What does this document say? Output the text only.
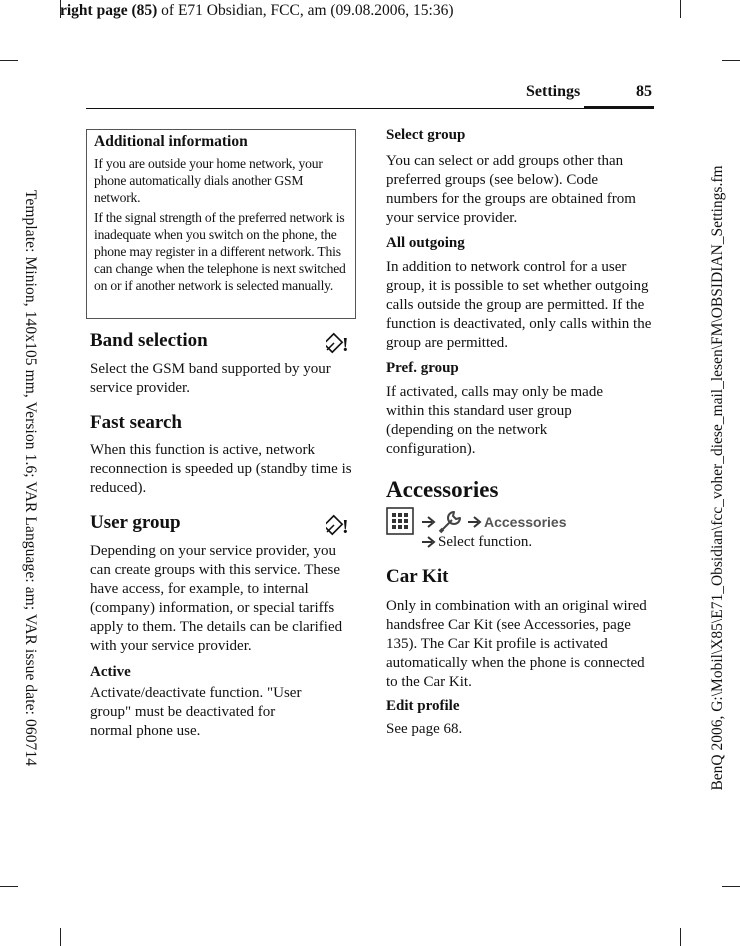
right page (85) of E71 Obsidian, FCC, am (09.08.2006, 15:36)
Template: Minion, 140x105 mm, Version 1.6; VAR Language: am; VAR issue date: 060714	BenQ 2006, G:\Mobil\X85\E71_Obsidian\fcc_voher_diese_mail_lesen\FM\OBSIDIAN_Settings.fm
Settings	85
Additional information

If you are outside your home network, your phone automatically dials another GSM network.

If the signal strength of the preferred network is inadequate when you switch on the phone, the phone may register in a different network. This can change when the telephone is next switched on or if another network is selected manually.

Band selection	!
Select the GSM band supported by your service provider.
Fast search
When this function is active, network reconnection is speeded up (standby time is reduced).
User group	!
Depending on your service provider, you can create groups with this service. These have access, for example, to internal (company) information, or special tariffs apply to them. The details can be clarified with your service provider.
Active
Activate/deactivate function. "User group" must be deactivated for normal phone use.
Select group
You can select or add groups other than preferred groups (see below). Code numbers for the groups are obtained from your service provider.
All outgoing
In addition to network control for a user group, it is possible to set whether outgoing calls outside the group are permitted. If the function is deactivated, only calls within the group are permitted.
Pref. group
If activated, calls may only be made within this standard user group (depending on the network configuration).
Accessories
Accessories
Select function.
Car Kit
Only in combination with an original wired handsfree Car Kit (see Accessories, page 135). The Car Kit profile is activated automatically when the phone is connected to the Car Kit.
Edit profile
See page 68.
